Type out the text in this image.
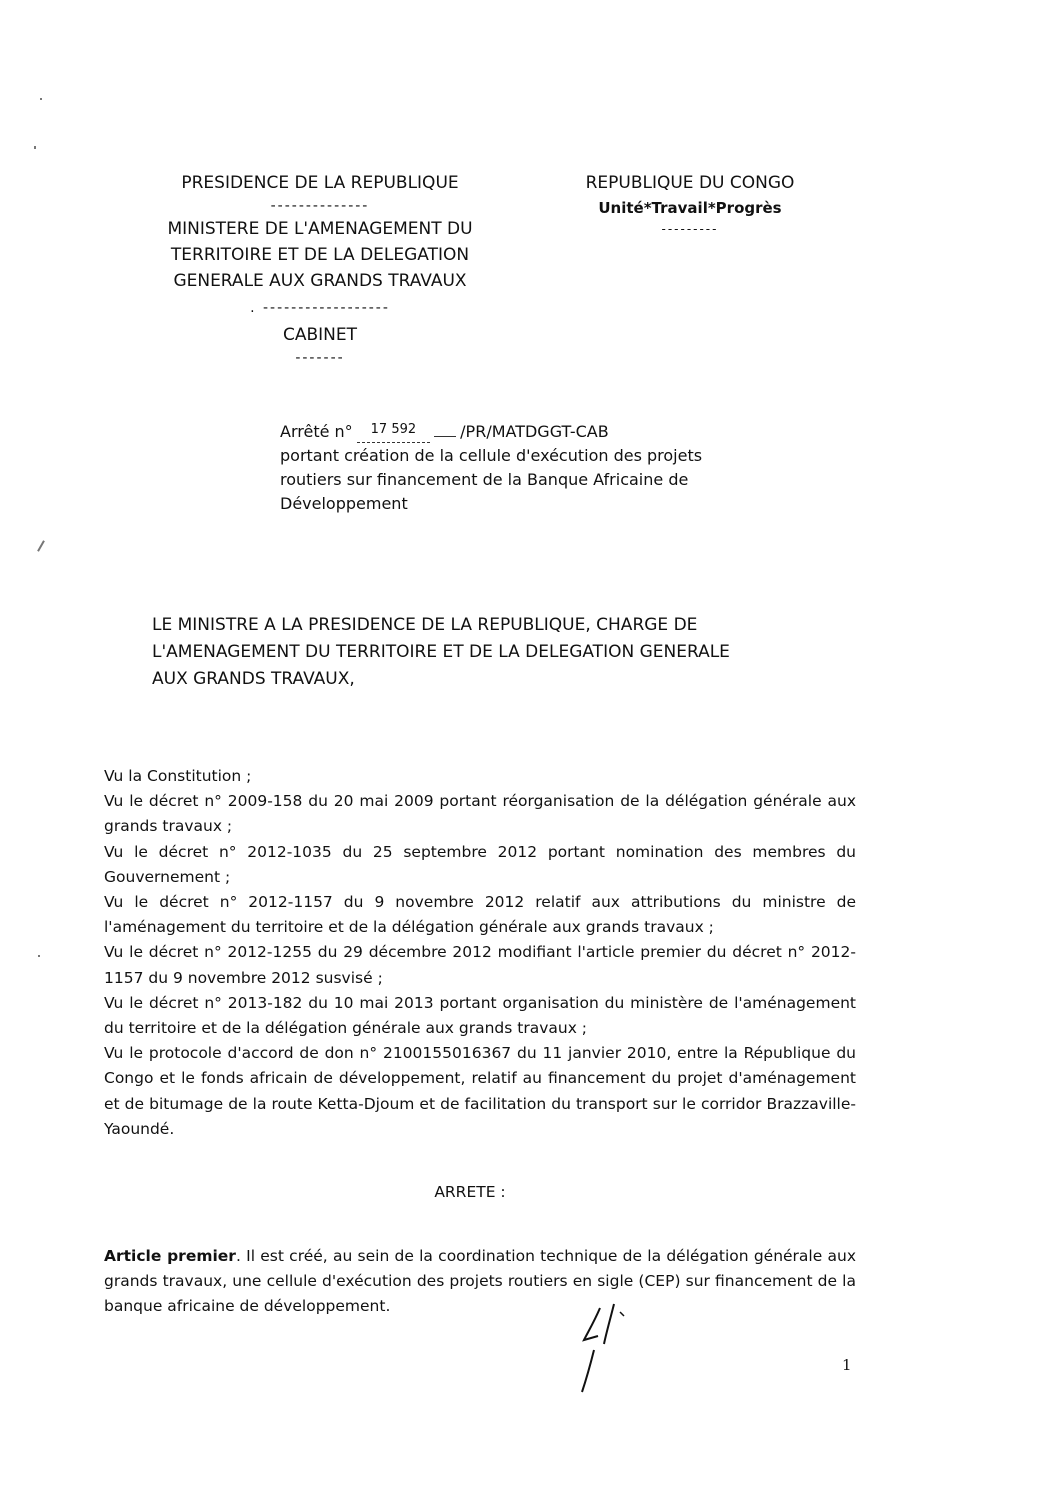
PRESIDENCE DE LA REPUBLIQUE
--------------
MINISTERE DE L'AMENAGEMENT DU
TERRITOIRE ET DE LA DELEGATION
GENERALE AUX GRANDS TRAVAUX
. ------------------
CABINET
-------
REPUBLIQUE DU CONGO
Unité*Travail*Progrès
---------
Arrêté n° 17 592	/PR/MATDGGT-CAB
portant création de la cellule d'exécution des projets
routiers sur financement de la Banque Africaine de
Développement
LE MINISTRE A LA PRESIDENCE DE LA REPUBLIQUE, CHARGE DE
L'AMENAGEMENT DU TERRITOIRE ET DE LA DELEGATION GENERALE
AUX GRANDS TRAVAUX,

Vu la Constitution ;

Vu le décret n° 2009-158 du 20 mai 2009 portant réorganisation de la délégation générale aux grands travaux ;

Vu le décret n° 2012-1035 du 25 septembre 2012 portant nomination des membres du Gouvernement ;

Vu le décret n° 2012-1157 du 9 novembre 2012 relatif aux attributions du ministre de l'aménagement du territoire et de la délégation générale aux grands travaux ;

Vu le décret n° 2012-1255 du 29 décembre 2012 modifiant l'article premier du décret n° 2012-1157 du 9 novembre 2012 susvisé ;

Vu le décret n° 2013-182 du 10 mai 2013 portant organisation du ministère de l'aménagement du territoire et de la délégation générale aux grands travaux ;

Vu le protocole d'accord de don n° 2100155016367 du 11 janvier 2010, entre la République du Congo et le fonds africain de développement, relatif au financement du projet d'aménagement et de bitumage de la route Ketta-Djoum et de facilitation du transport sur le corridor Brazzaville-Yaoundé.

ARRETE :
Article premier. Il est créé, au sein de la coordination technique de la délégation générale aux grands travaux, une cellule d'exécution des projets routiers en sigle (CEP) sur financement de la banque africaine de développement.
1
